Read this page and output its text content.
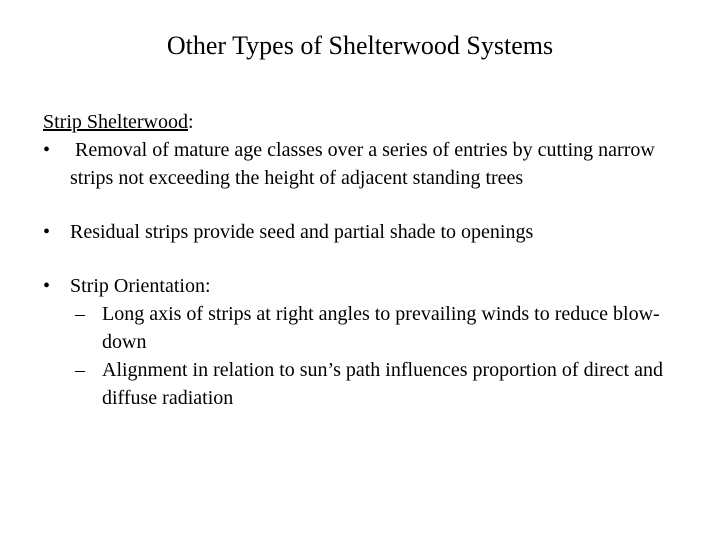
Other Types of Shelterwood Systems

Strip Shelterwood:

• Removal of mature age classes over a series of entries by cutting narrow strips not exceeding the height of adjacent standing trees

• Residual strips provide seed and partial shade to openings

• Strip Orientation:

– Long axis of strips at right angles to prevailing winds to reduce blow-down

– Alignment in relation to sun’s path influences proportion of direct and diffuse radiation
